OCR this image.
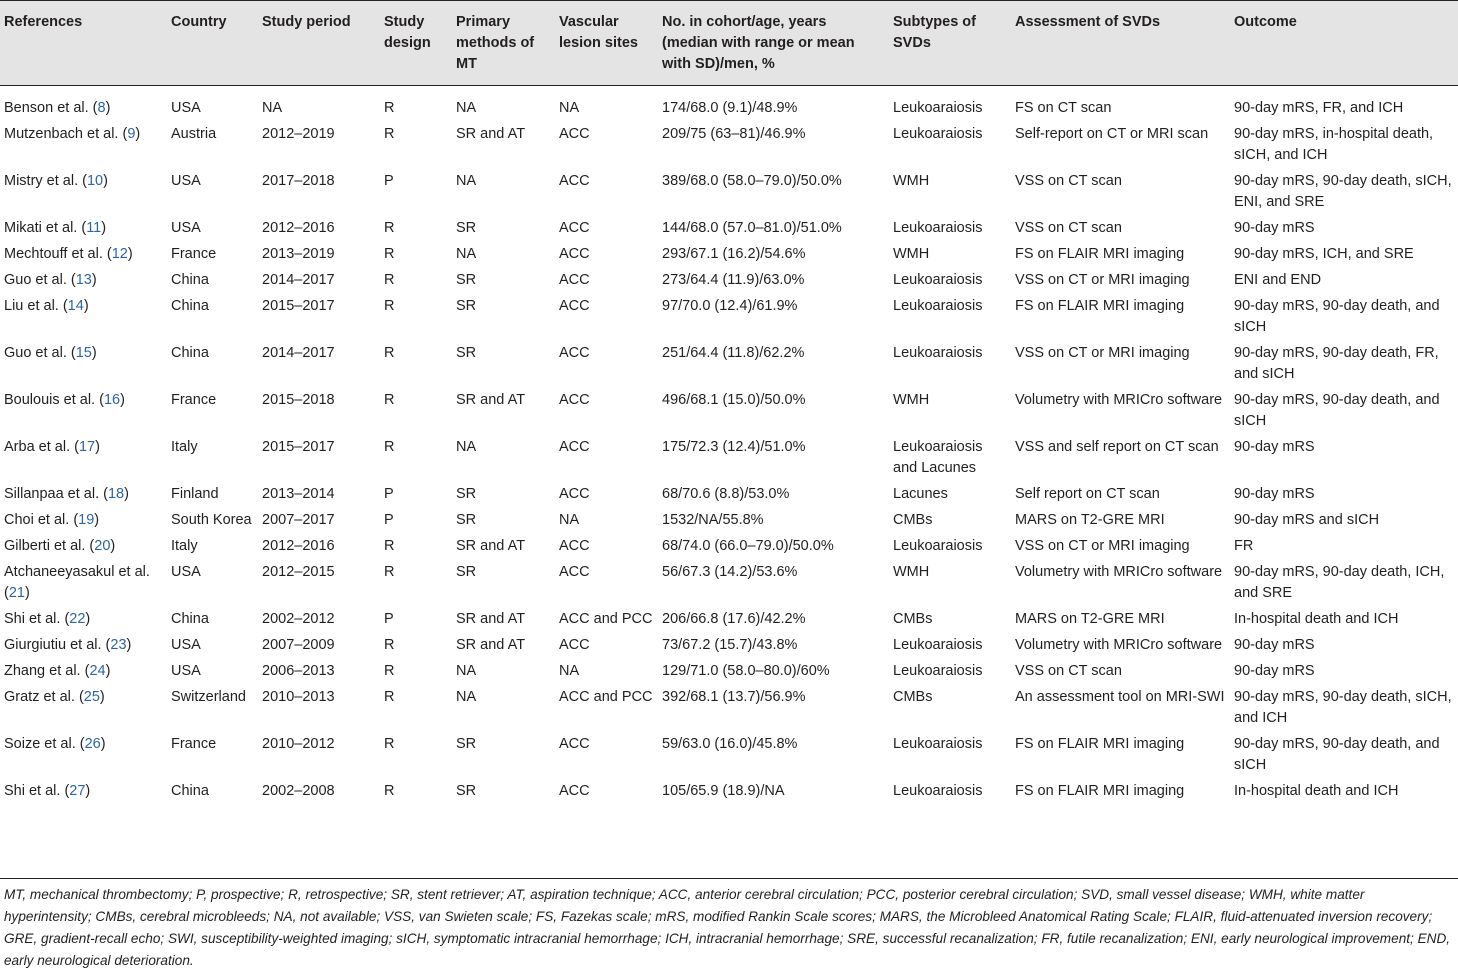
References	Country	Study period	Study design	Primary methods of MT	Vascular lesion sites	No. in cohort/age, years (median with range or mean with SD)/men, %	Subtypes of SVDs	Assessment of SVDs	Outcome
Benson et al. (8)	USA	NA	R	NA	NA	174/68.0 (9.1)/48.9%	Leukoaraiosis	FS on CT scan	90-day mRS, FR, and ICH
Mutzenbach et al. (9)	Austria	2012–2019	R	SR and AT	ACC	209/75 (63–81)/46.9%	Leukoaraiosis	Self-report on CT or MRI scan	90-day mRS, in-hospital death, sICH, and ICH
Mistry et al. (10)	USA	2017–2018	P	NA	ACC	389/68.0 (58.0–79.0)/50.0%	WMH	VSS on CT scan	90-day mRS, 90-day death, sICH, ENI, and SRE
Mikati et al. (11)	USA	2012–2016	R	SR	ACC	144/68.0 (57.0–81.0)/51.0%	Leukoaraiosis	VSS on CT scan	90-day mRS
Mechtouff et al. (12)	France	2013–2019	R	NA	ACC	293/67.1 (16.2)/54.6%	WMH	FS on FLAIR MRI imaging	90-day mRS, ICH, and SRE
Guo et al. (13)	China	2014–2017	R	SR	ACC	273/64.4 (11.9)/63.0%	Leukoaraiosis	VSS on CT or MRI imaging	ENI and END
Liu et al. (14)	China	2015–2017	R	SR	ACC	97/70.0 (12.4)/61.9%	Leukoaraiosis	FS on FLAIR MRI imaging	90-day mRS, 90-day death, and sICH
Guo et al. (15)	China	2014–2017	R	SR	ACC	251/64.4 (11.8)/62.2%	Leukoaraiosis	VSS on CT or MRI imaging	90-day mRS, 90-day death, FR, and sICH
Boulouis et al. (16)	France	2015–2018	R	SR and AT	ACC	496/68.1 (15.0)/50.0%	WMH	Volumetry with MRICro software	90-day mRS, 90-day death, and sICH
Arba et al. (17)	Italy	2015–2017	R	NA	ACC	175/72.3 (12.4)/51.0%	Leukoaraiosis and Lacunes	VSS and self report on CT scan	90-day mRS
Sillanpaa et al. (18)	Finland	2013–2014	P	SR	ACC	68/70.6 (8.8)/53.0%	Lacunes	Self report on CT scan	90-day mRS
Choi et al. (19)	South Korea	2007–2017	P	SR	NA	1532/NA/55.8%	CMBs	MARS on T2-GRE MRI	90-day mRS and sICH
Gilberti et al. (20)	Italy	2012–2016	R	SR and AT	ACC	68/74.0 (66.0–79.0)/50.0%	Leukoaraiosis	VSS on CT or MRI imaging	FR
Atchaneeyasakul et al. (21)	USA	2012–2015	R	SR	ACC	56/67.3 (14.2)/53.6%	WMH	Volumetry with MRICro software	90-day mRS, 90-day death, ICH, and SRE
Shi et al. (22)	China	2002–2012	P	SR and AT	ACC and PCC	206/66.8 (17.6)/42.2%	CMBs	MARS on T2-GRE MRI	In-hospital death and ICH
Giurgiutiu et al. (23)	USA	2007–2009	R	SR and AT	ACC	73/67.2 (15.7)/43.8%	Leukoaraiosis	Volumetry with MRICro software	90-day mRS
Zhang et al. (24)	USA	2006–2013	R	NA	NA	129/71.0 (58.0–80.0)/60%	Leukoaraiosis	VSS on CT scan	90-day mRS
Gratz et al. (25)	Switzerland	2010–2013	R	NA	ACC and PCC	392/68.1 (13.7)/56.9%	CMBs	An assessment tool on MRI-SWI	90-day mRS, 90-day death, sICH, and ICH
Soize et al. (26)	France	2010–2012	R	SR	ACC	59/63.0 (16.0)/45.8%	Leukoaraiosis	FS on FLAIR MRI imaging	90-day mRS, 90-day death, and sICH
Shi et al. (27)	China	2002–2008	R	SR	ACC	105/65.9 (18.9)/NA	Leukoaraiosis	FS on FLAIR MRI imaging	In-hospital death and ICH
MT, mechanical thrombectomy; P, prospective; R, retrospective; SR, stent retriever; AT, aspiration technique; ACC, anterior cerebral circulation; PCC, posterior cerebral circulation; SVD, small vessel disease; WMH, white matter hyperintensity; CMBs, cerebral microbleeds; NA, not available; VSS, van Swieten scale; FS, Fazekas scale; mRS, modified Rankin Scale scores; MARS, the Microbleed Anatomical Rating Scale; FLAIR, fluid-attenuated inversion recovery; GRE, gradient-recall echo; SWI, susceptibility-weighted imaging; sICH, symptomatic intracranial hemorrhage; ICH, intracranial hemorrhage; SRE, successful recanalization; FR, futile recanalization; ENI, early neurological improvement; END, early neurological deterioration.
